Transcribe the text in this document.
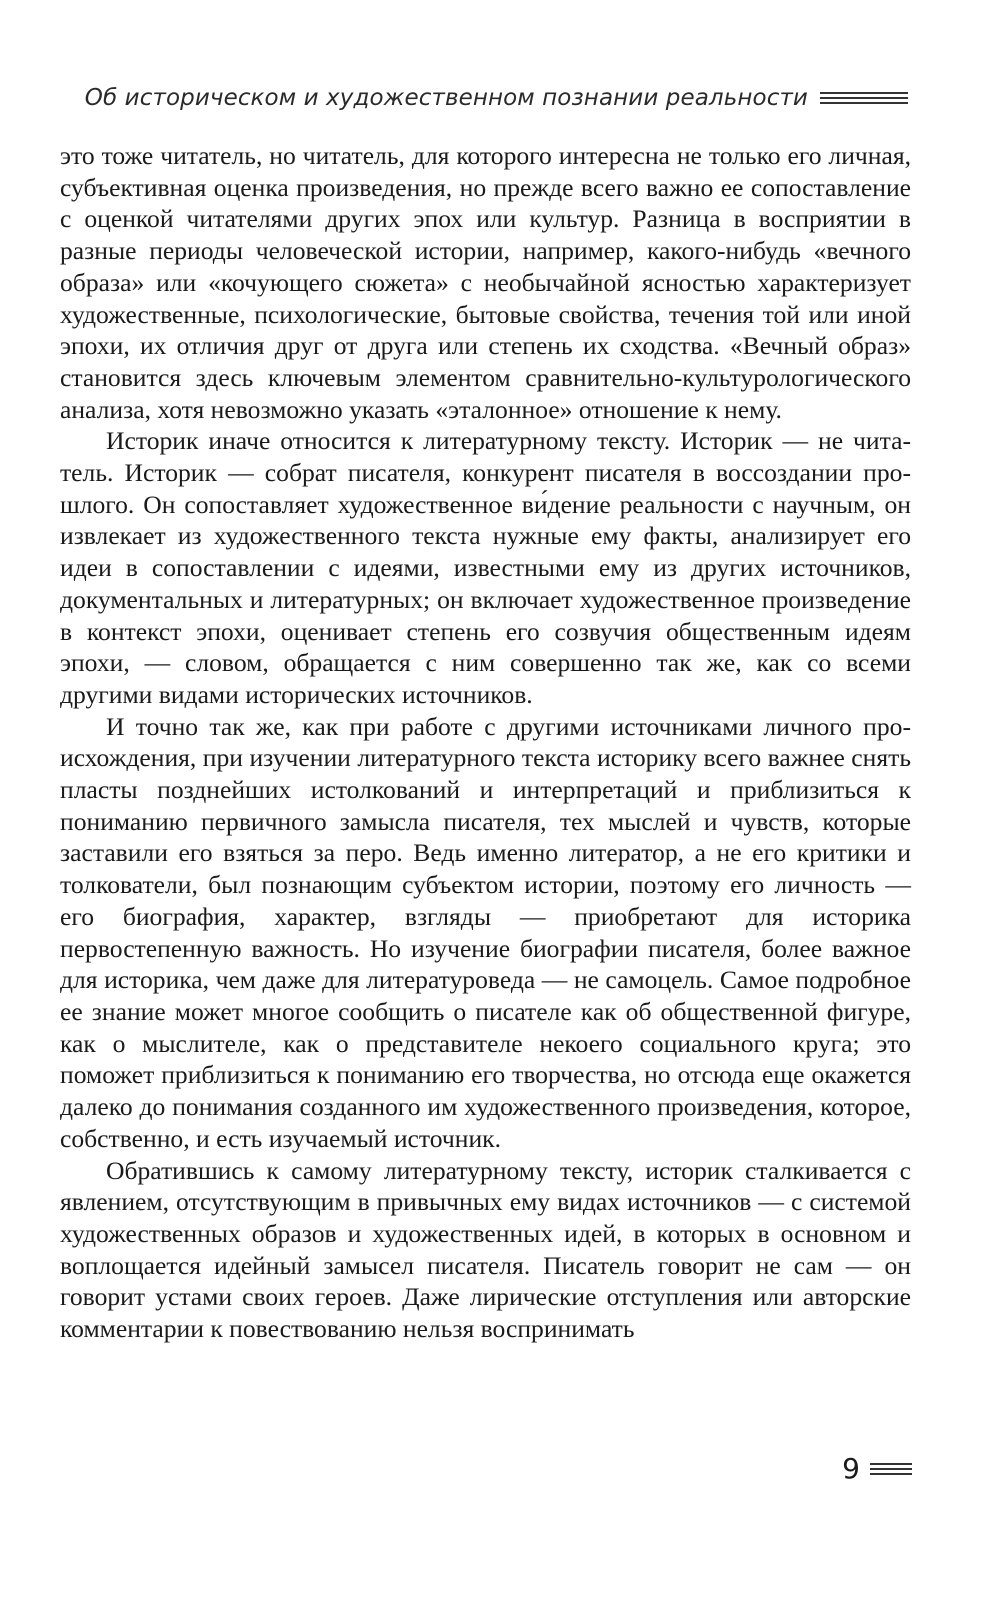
Об историческом и художественном познании реальности

это тоже читатель, но читатель, для которого интересна не только его личная, субъективная оценка произведения, но прежде всего важно ее сопоставление с оценкой читателями других эпох или культур. Разница в восприятии в разные периоды человеческой истории, например, какого-нибудь «вечного образа» или «кочующего сюжета» с необычайной ясностью характеризует художественные, психологические, бытовые свойства, течения той или иной эпохи, их отличия друг от друга или степень их сходства. «Вечный образ» становится здесь ключевым элементом сравнительно-культурологического анализа, хотя невозможно указать «эталонное» отношение к нему.

Историк иначе относится к литературному тексту. Историк — не читатель. Историк — собрат писателя, конкурент писателя в воссоздании прошлого. Он сопоставляет художественное ви́дение реальности с научным, он извлекает из художественного текста нужные ему факты, анализирует его идеи в сопоставлении с идеями, известными ему из других источников, документальных и литературных; он включает художественное произведение в контекст эпохи, оценивает степень его созвучия общественным идеям эпохи, — словом, обращается с ним совершенно так же, как со всеми другими видами исторических источников.

И точно так же, как при работе с другими источниками личного происхождения, при изучении литературного текста историку всего важнее снять пласты позднейших истолкований и интерпретаций и приблизиться к пониманию первичного замысла писателя, тех мыслей и чувств, которые заставили его взяться за перо. Ведь именно литератор, а не его критики и толкователи, был познающим субъектом истории, поэтому его личность — его биография, характер, взгляды — приобретают для историка первостепенную важность. Но изучение биографии писателя, более важное для историка, чем даже для литературоведа — не самоцель. Самое подробное ее знание может многое сообщить о писателе как об общественной фигуре, как о мыслителе, как о представителе некоего социального круга; это поможет приблизиться к пониманию его творчества, но отсюда еще окажется далеко до понимания созданного им художественного произведения, которое, собственно, и есть изучаемый источник.

Обратившись к самому литературному тексту, историк сталкивается с явлением, отсутствующим в привычных ему видах источников — с системой художественных образов и художественных идей, в которых в основном и воплощается идейный замысел писателя. Писатель говорит не сам — он говорит устами своих героев. Даже лирические отступления или авторские комментарии к повествованию нельзя воспринимать

9
